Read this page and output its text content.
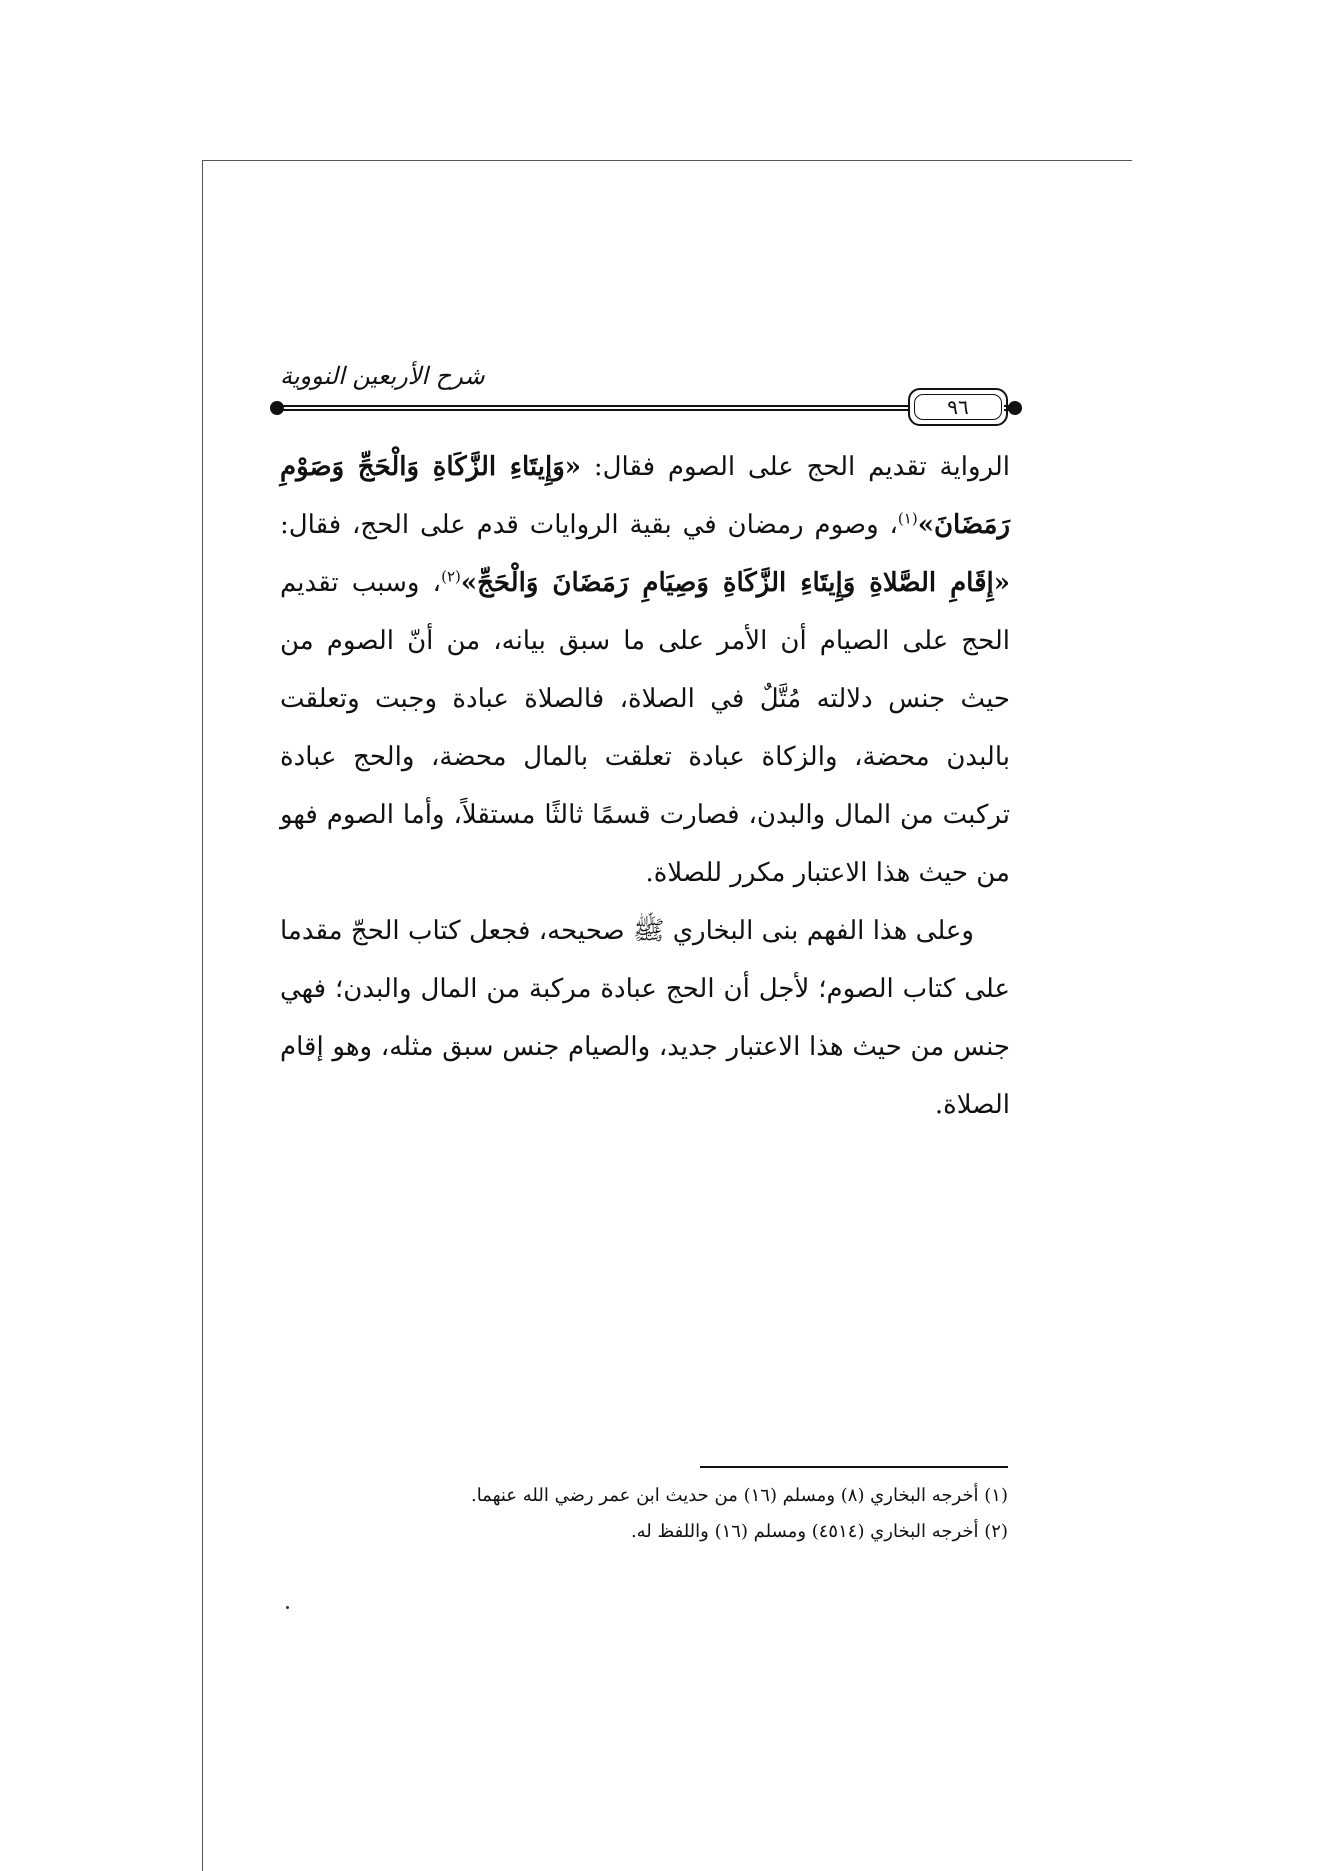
شرح الأربعين النووية
٩٦

الرواية تقديم الحج على الصوم فقال: «وَإِيتَاءِ الزَّكَاةِ وَالْحَجِّ وَصَوْمِ رَمَضَانَ»$^{(١)}$، وصوم رمضان في بقية الروايات قدم على الحج، فقال: «إِقَامِ الصَّلاةِ وَإِيتَاءِ الزَّكَاةِ وَصِيَامِ رَمَضَانَ وَالْحَجِّ»$^{(٢)}$، وسبب تقديم الحج على الصيام أن الأمر على ما سبق بيانه، من أنّ الصوم من حيث جنس دلالته مُتَّلٌ في الصلاة، فالصلاة عبادة وجبت وتعلقت بالبدن محضة، والزكاة عبادة تعلقت بالمال محضة، والحج عبادة تركبت من المال والبدن، فصارت قسمًا ثالثًا مستقلاً، وأما الصوم فهو من حيث هذا الاعتبار مكرر للصلاة.

وعلى هذا الفهم بنى البخاري ﷺ صحيحه، فجعل كتاب الحجّ مقدما على كتاب الصوم؛ لأجل أن الحج عبادة مركبة من المال والبدن؛ فهي جنس من حيث هذا الاعتبار جديد، والصيام جنس سبق مثله، وهو إقام الصلاة.

(١) أخرجه البخاري (٨) ومسلم (١٦) من حديث ابن عمر رضي الله عنهما.

(٢) أخرجه البخاري (٤٥١٤) ومسلم (١٦) واللفظ له.
